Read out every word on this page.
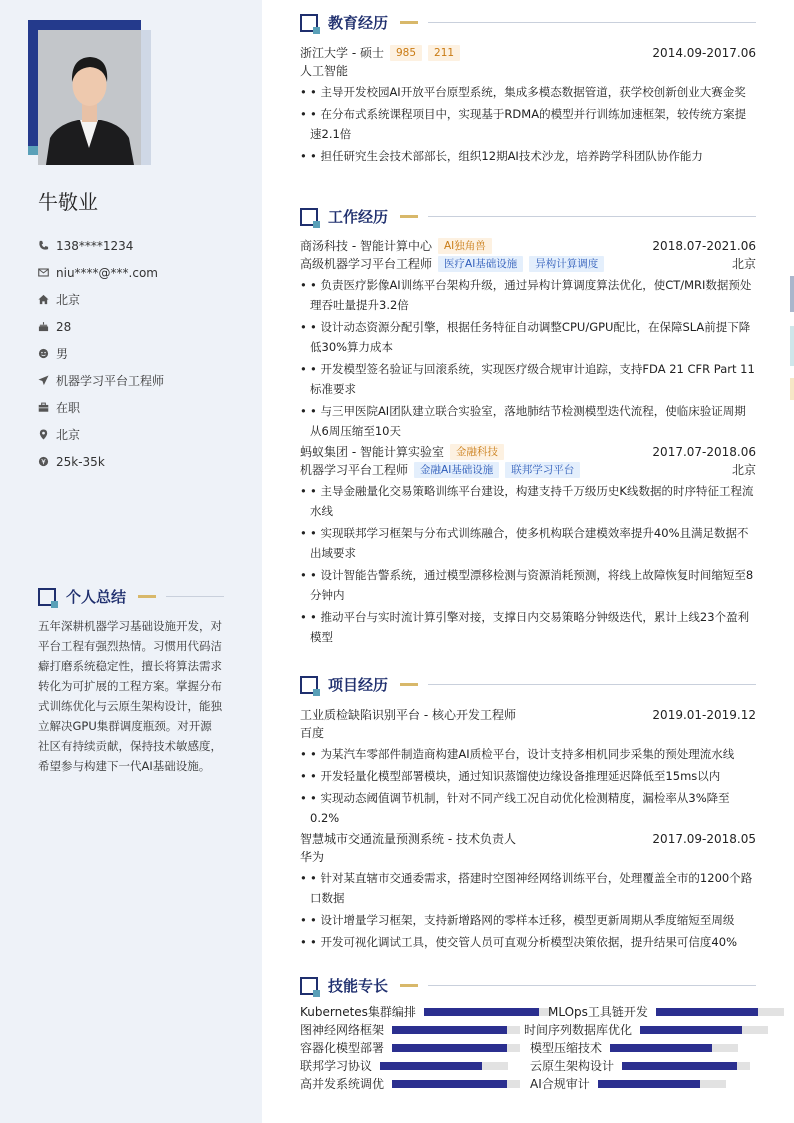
牛敬业
138****1234
niu****@***.com
北京
28
男
机器学习平台工程师
在职
北京
25k-35k
个人总结
五年深耕机器学习基础设施开发，对平台工程有强烈热情。习惯用代码洁癖打磨系统稳定性，擅长将算法需求转化为可扩展的工程方案。掌握分布式训练优化与云原生架构设计，能独立解决GPU集群调度瓶颈。对开源社区有持续贡献，保持技术敏感度，希望参与构建下一代AI基础设施。
教育经历
浙江大学 - 硕士	985	211	2014.09-2017.06
人工智能
• • 主导开发校园AI开放平台原型系统，集成多模态数据管道，获学校创新创业大赛金奖
• • 在分布式系统课程项目中，实现基于RDMA的模型并行训练加速框架，较传统方案提速2.1倍
• • 担任研究生会技术部部长，组织12期AI技术沙龙，培养跨学科团队协作能力
工作经历
商汤科技 - 智能计算中心	AI独角兽	2018.07-2021.06
高级机器学习平台工程师	医疗AI基础设施	异构计算调度	北京
• • 负责医疗影像AI训练平台架构升级，通过异构计算调度算法优化，使CT/MRI数据预处理吞吐量提升3.2倍
• • 设计动态资源分配引擎，根据任务特征自动调整CPU/GPU配比，在保障SLA前提下降低30%算力成本
• • 开发模型签名验证与回滚系统，实现医疗级合规审计追踪，支持FDA 21 CFR Part 11标准要求
• • 与三甲医院AI团队建立联合实验室，落地肺结节检测模型迭代流程，使临床验证周期从6周压缩至10天
蚂蚁集团 - 智能计算实验室	金融科技	2017.07-2018.06
机器学习平台工程师	金融AI基础设施	联邦学习平台	北京
• • 主导金融量化交易策略训练平台建设，构建支持千万级历史K线数据的时序特征工程流水线
• • 实现联邦学习框架与分布式训练融合，使多机构联合建模效率提升40%且满足数据不出域要求
• • 设计智能告警系统，通过模型漂移检测与资源消耗预测，将线上故障恢复时间缩短至8分钟内
• • 推动平台与实时流计算引擎对接，支撑日内交易策略分钟级迭代，累计上线23个盈利模型
项目经历
工业质检缺陷识别平台 - 核心开发工程师	2019.01-2019.12
百度
• • 为某汽车零部件制造商构建AI质检平台，设计支持多相机同步采集的预处理流水线
• • 开发轻量化模型部署模块，通过知识蒸馏使边缘设备推理延迟降低至15ms以内
• • 实现动态阈值调节机制，针对不同产线工况自动优化检测精度，漏检率从3%降至0.2%
智慧城市交通流量预测系统 - 技术负责人	2017.09-2018.05
华为
• • 针对某直辖市交通委需求，搭建时空图神经网络训练平台，处理覆盖全市的1200个路口数据
• • 设计增量学习框架，支持新增路网的零样本迁移，模型更新周期从季度缩短至周级
• • 开发可视化调试工具，使交管人员可直观分析模型决策依据，提升结果可信度40%
技能专长
Kubernetes集群编排	MLOps工具链开发
图神经网络框架	时间序列数据库优化
容器化模型部署	模型压缩技术
联邦学习协议	云原生架构设计
高并发系统调优	AI合规审计
